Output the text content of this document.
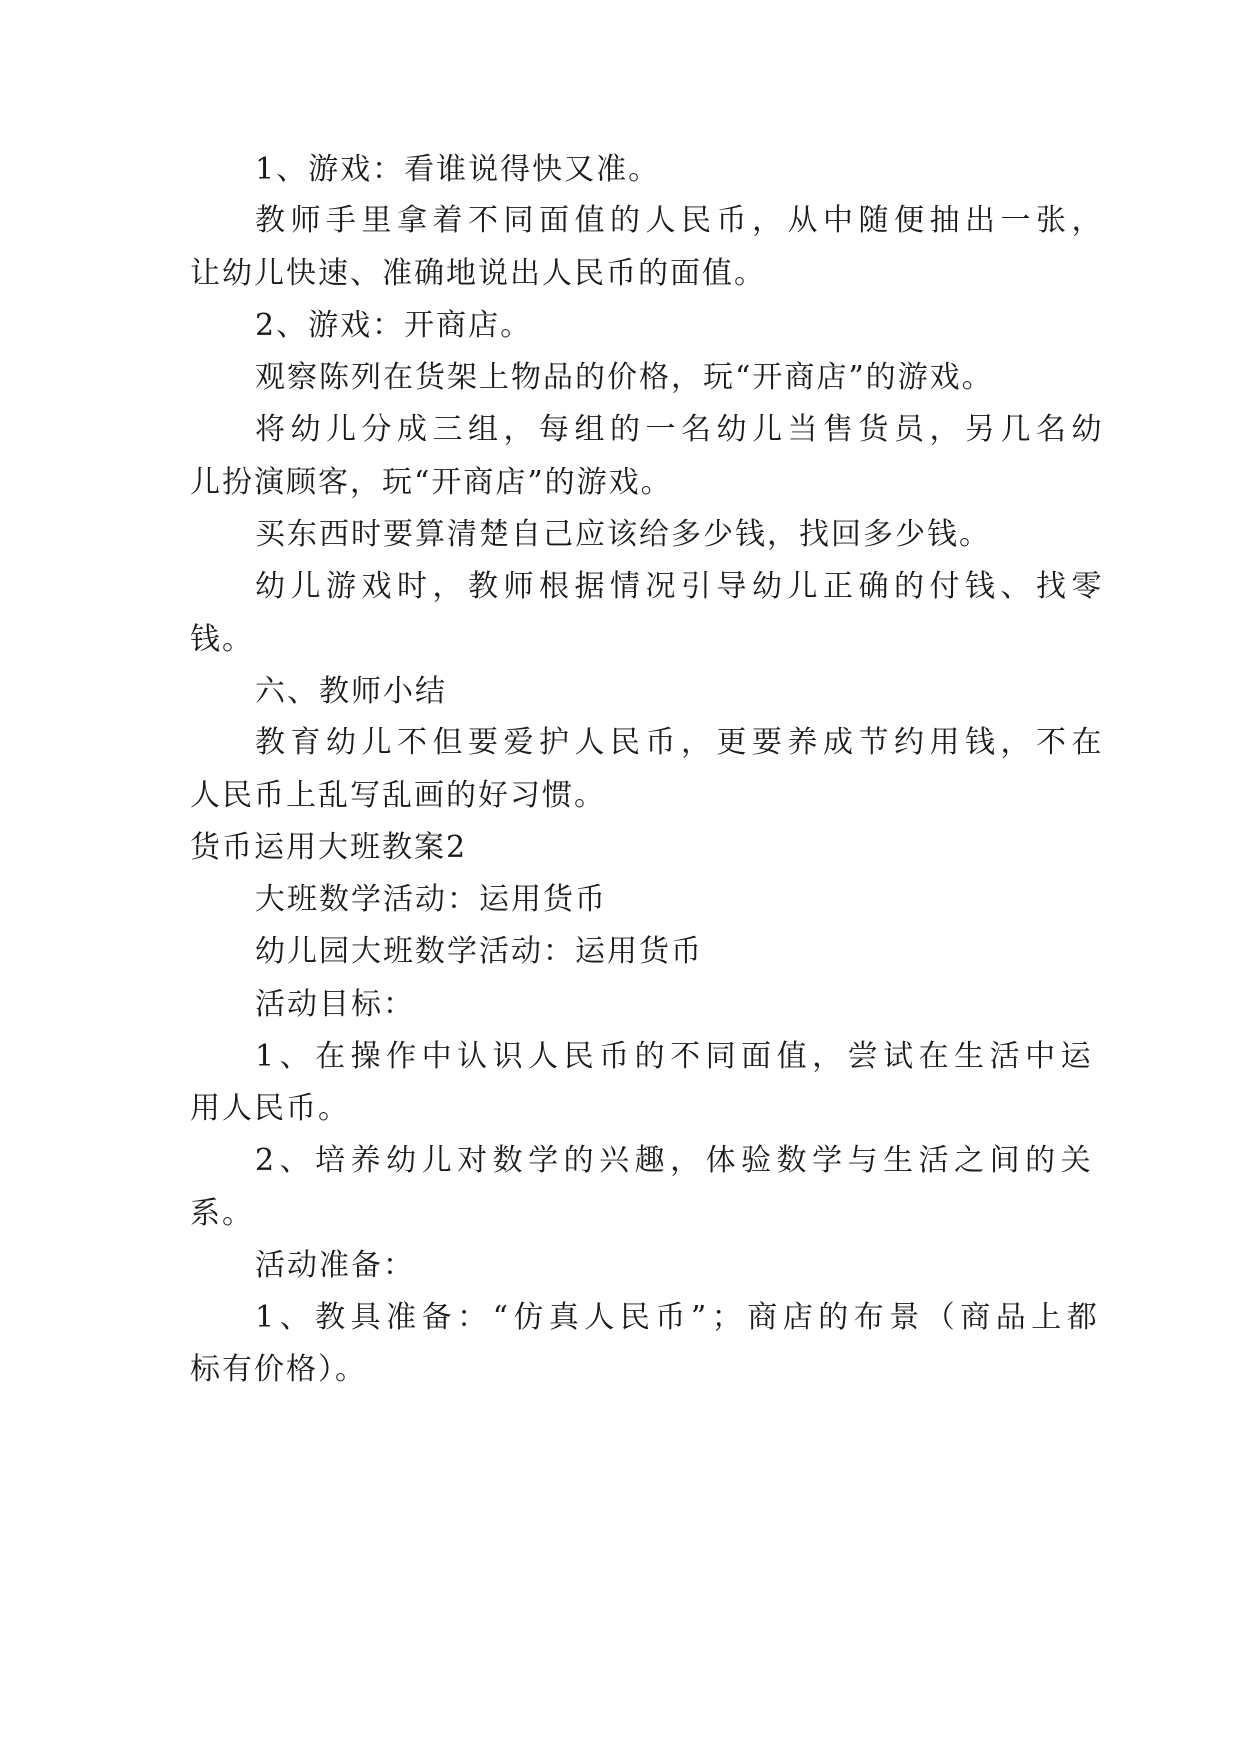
1、游戏：看谁说得快又准。
教师手里拿着不同面值的人民币，从中随便抽出一张，
让幼儿快速、准确地说出人民币的面值。
2、游戏：开商店。
观察陈列在货架上物品的价格，玩“开商店”的游戏。
将幼儿分成三组，每组的一名幼儿当售货员，另几名幼
儿扮演顾客，玩“开商店”的游戏。
买东西时要算清楚自己应该给多少钱，找回多少钱。
幼儿游戏时，教师根据情况引导幼儿正确的付钱、找零
钱。
六、教师小结
教育幼儿不但要爱护人民币，更要养成节约用钱，不在
人民币上乱写乱画的好习惯。
货币运用大班教案2
大班数学活动：运用货币
幼儿园大班数学活动：运用货币
活动目标：
1、在操作中认识人民币的不同面值，尝试在生活中运
用人民币。
2、培养幼儿对数学的兴趣，体验数学与生活之间的关
系。
活动准备：
1、教具准备：“仿真人民币”；商店的布景（商品上都
标有价格）。
